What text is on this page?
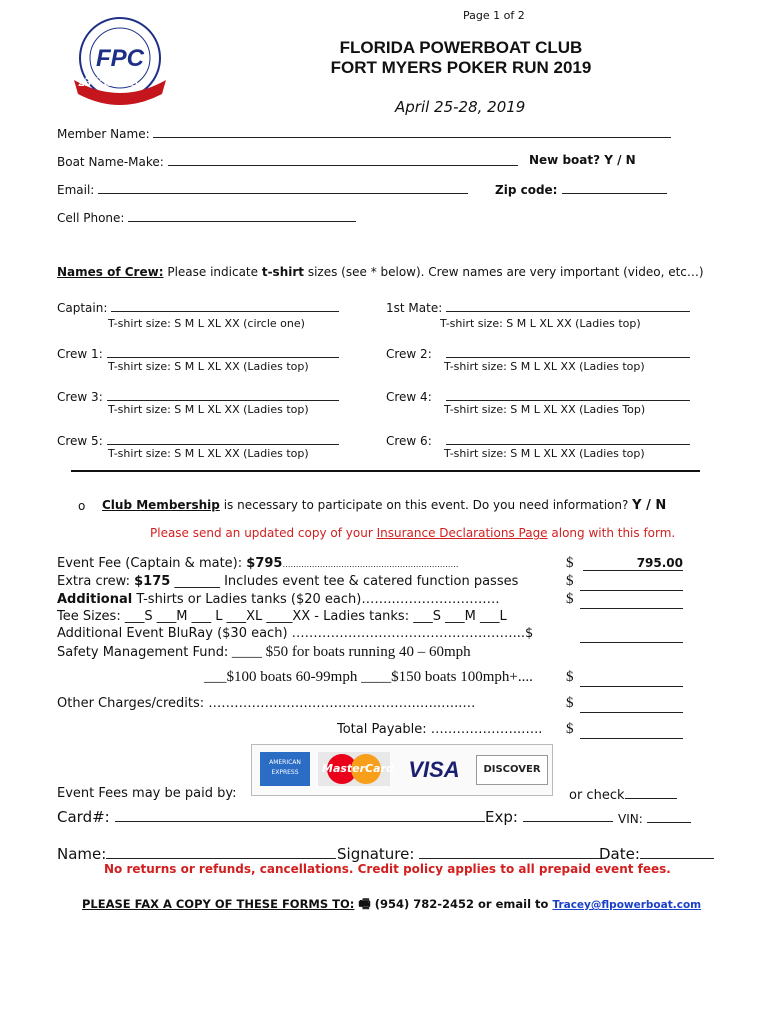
Page 1 of 2
FPC
25 YEARS
FLORIDA POWERBOAT CLUB
FORT MYERS POKER RUN 2019
April 25-28, 2019
Member Name:
Boat Name-Make:	New boat? Y / N
Email:	Zip code:
Cell Phone:
Names of Crew: Please indicate t-shirt sizes (see * below). Crew names are very important (video, etc…)
Captain:
T-shirt size: S M L XL XX (circle one)
1st Mate:
T-shirt size: S M L XL XX (Ladies top)
Crew 1:
T-shirt size: S M L XL XX (Ladies top)
Crew 2:
T-shirt size: S M L XL XX (Ladies top)
Crew 3:
T-shirt size: S M L XL XX (Ladies top)
Crew 4:
T-shirt size: S M L XL XX (Ladies Top)
Crew 5:
T-shirt size: S M L XL XX (Ladies top)
Crew 6:
T-shirt size: S M L XL XX (Ladies top)
o Club Membership is necessary to participate on this event. Do you need information? Y / N
Please send an updated copy of your Insurance Declarations Page along with this form.
Event Fee (Captain & mate): $795…………………………………………………………	$	795.00
Extra crew: $175 _______ Includes event tee & catered function passes	$
Additional T-shirts or Ladies tanks ($20 each)……..……………………	$
Tee Sizes: ___S ___M ___ L ___XL ____XX - Ladies tanks: ___S ___M ___L
Additional Event BluRay ($30 each) ……………………………………………...$
Safety Management Fund: ____ $50 for boats running 40 – 60mph
___$100 boats 60-99mph ____$150 boats 100mph+.... $
Other Charges/credits: …………………..……………………..…..…..…	$
Total Payable: ….……………..….. $
AMERICAN EXPRESS	MasterCard VISA	DISCOVER
Event Fees may be paid by:	or check
Card#:	Exp:	VIN:
Name:	Signature:	Date:
No returns or refunds, cancellations. Credit policy applies to all prepaid event fees.
PLEASE FAX A COPY OF THESE FORMS TO: 🖷 (954) 782-2452 or email to Tracey@flpowerboat.com
